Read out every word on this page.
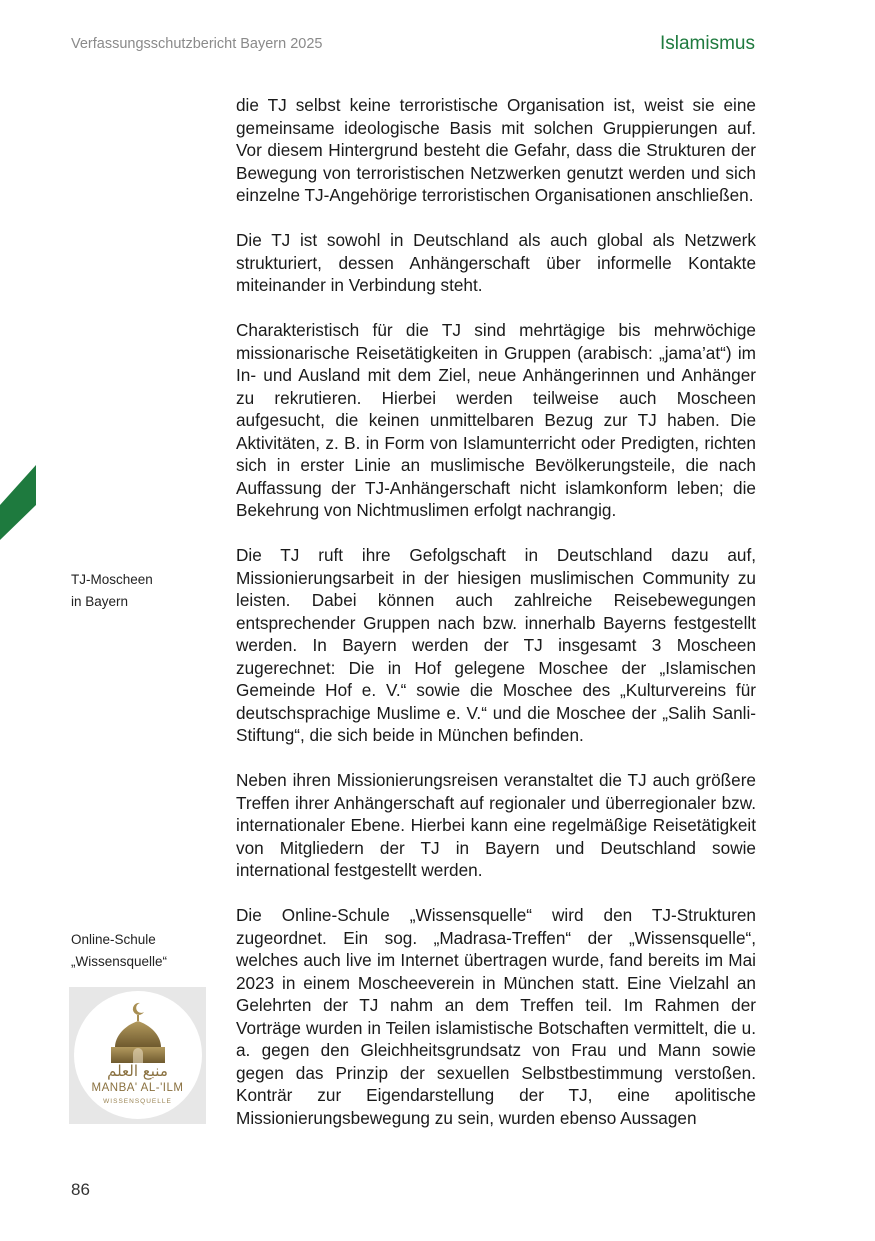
Verfassungsschutzbericht Bayern 2025	Islamismus

die TJ selbst keine terroristische Organisation ist, weist sie eine gemeinsame ideologische Basis mit solchen Gruppierungen auf. Vor diesem Hintergrund besteht die Gefahr, dass die Strukturen der Bewegung von terroristischen Netzwerken genutzt werden und sich einzelne TJ-Angehörige terroristischen Organisationen anschließen.

Die TJ ist sowohl in Deutschland als auch global als Netzwerk strukturiert, dessen Anhängerschaft über informelle Kontakte miteinander in Verbindung steht.

Charakteristisch für die TJ sind mehrtägige bis mehrwöchige missionarische Reisetätigkeiten in Gruppen (arabisch: „jama’at“) im In- und Ausland mit dem Ziel, neue Anhängerinnen und Anhänger zu rekrutieren. Hierbei werden teilweise auch Moscheen aufgesucht, die keinen unmittelbaren Bezug zur TJ haben. Die Aktivitäten, z. B. in Form von Islamunterricht oder Predigten, richten sich in erster Linie an muslimische Bevölkerungsteile, die nach Auffassung der TJ-Anhängerschaft nicht islamkonform leben; die Bekehrung von Nichtmuslimen erfolgt nachrangig.

Die TJ ruft ihre Gefolgschaft in Deutschland dazu auf, Missionierungsarbeit in der hiesigen muslimischen Community zu leisten. Dabei können auch zahlreiche Reisebewegungen entsprechender Gruppen nach bzw. innerhalb Bayerns festgestellt werden. In Bayern werden der TJ insgesamt 3 Moscheen zugerechnet: Die in Hof gelegene Moschee der „Islamischen Gemeinde Hof e. V.“ sowie die Moschee des „Kulturvereins für deutschsprachige Muslime e. V.“ und die Moschee der „Salih Sanli-Stiftung“, die sich beide in München befinden.

Neben ihren Missionierungsreisen veranstaltet die TJ auch größere Treffen ihrer Anhängerschaft auf regionaler und überregionaler bzw. internationaler Ebene. Hierbei kann eine regelmäßige Reisetätigkeit von Mitgliedern der TJ in Bayern und Deutschland sowie international festgestellt werden.

Die Online-Schule „Wissensquelle“ wird den TJ-Strukturen zugeordnet. Ein sog. „Madrasa-Treffen“ der „Wissensquelle“, welches auch live im Internet übertragen wurde, fand bereits im Mai 2023 in einem Moscheeverein in München statt. Eine Vielzahl an Gelehrten der TJ nahm an dem Treffen teil. Im Rahmen der Vorträge wurden in Teilen islamistische Botschaften vermittelt, die u. a. gegen den Gleichheitsgrundsatz von Frau und Mann sowie gegen das Prinzip der sexuellen Selbstbestimmung verstoßen. Konträr zur Eigendarstellung der TJ, eine apolitische Missionierungsbewegung zu sein, wurden ebenso Aussagen

TJ-Moscheen
in Bayern
Online-Schule
„Wissensquelle“
منبع العلم
MANBA' AL-'ILM
WISSENSQUELLE
86
